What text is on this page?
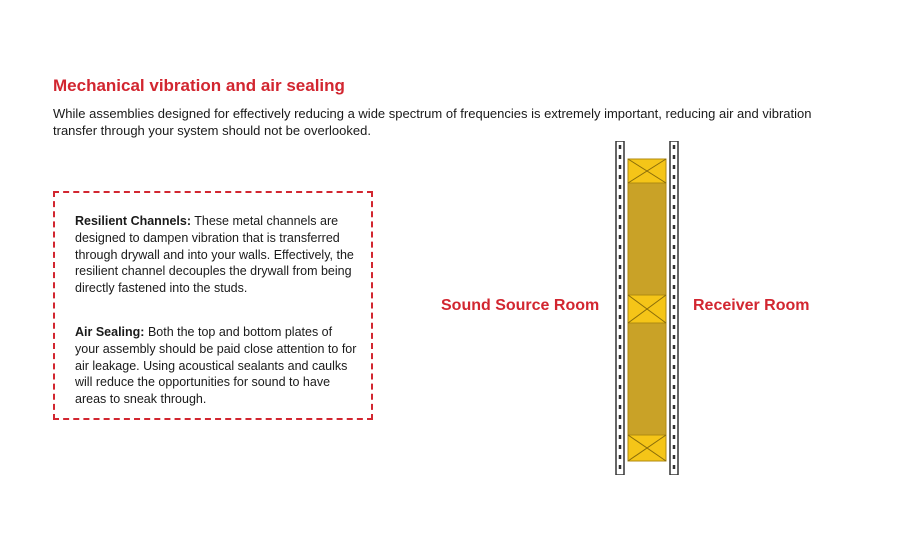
Mechanical vibration and air sealing

While assemblies designed for effectively reducing a wide spectrum of frequencies is extremely important, reducing air and vibration transfer through your system should not be overlooked.

Resilient Channels: These metal channels are designed to dampen vibration that is transferred through drywall and into your walls. Effectively, the resilient channel decouples the drywall from being directly fastened into the studs.

Air Sealing: Both the top and bottom plates of your assembly should be paid close attention to for air leakage. Using acoustical sealants and caulks will reduce the opportunities for sound to have areas to sneak through.

Sound Source Room	Receiver Room
